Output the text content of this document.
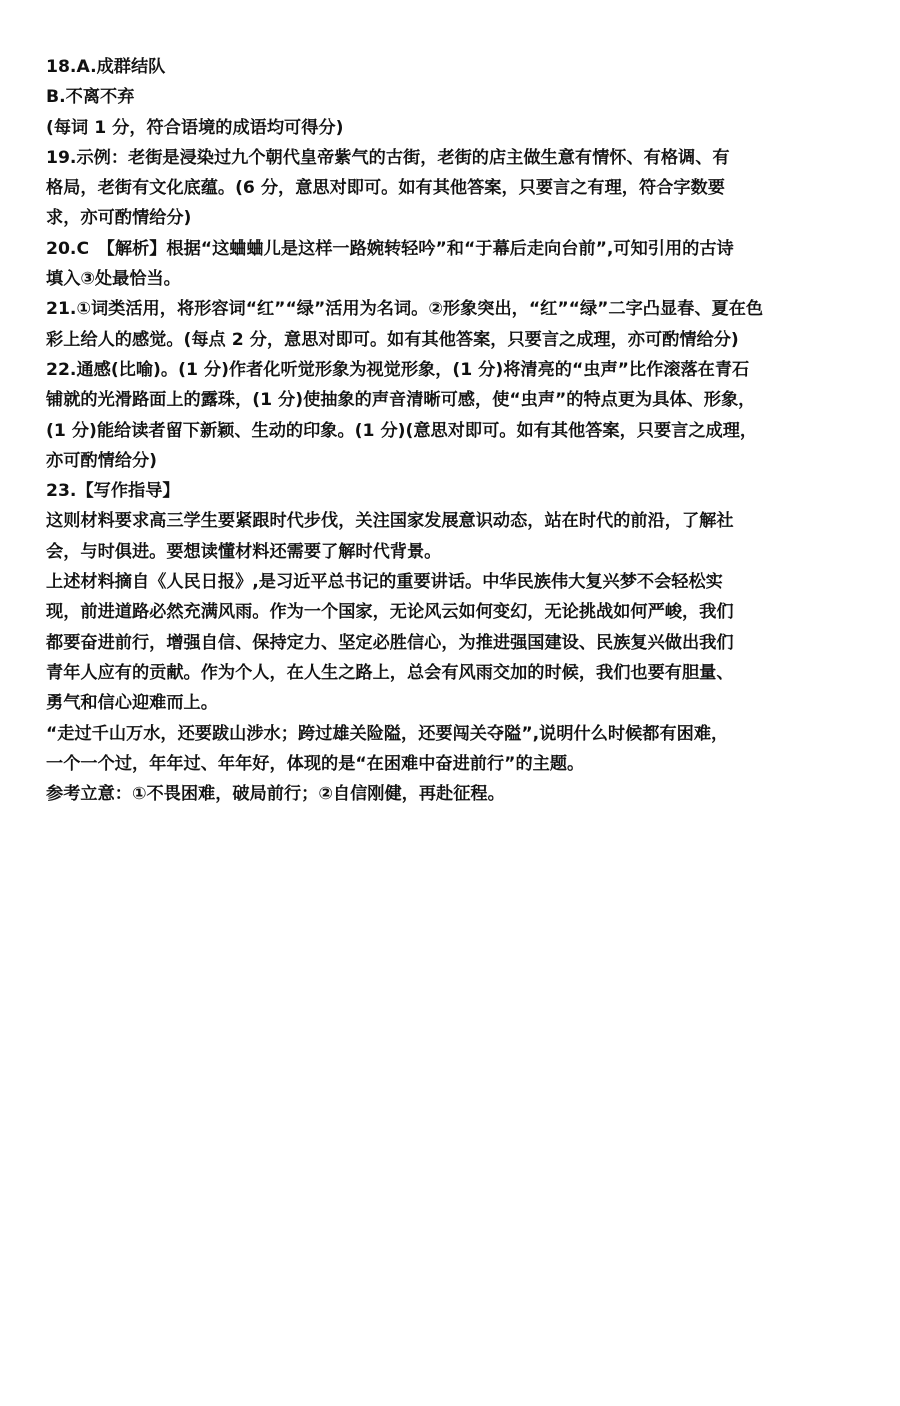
18.A.成群结队
B.不离不弃
(每词 1 分，符合语境的成语均可得分)
19.示例：老街是浸染过九个朝代皇帝紫气的古街，老街的店主做生意有情怀、有格调、有
格局，老街有文化底蕴。(6 分，意思对即可。如有其他答案，只要言之有理，符合字数要
求，亦可酌情给分)
20.C　【解析】根据“这蛐蛐儿是这样一路婉转轻吟”和“于幕后走向台前”,可知引用的古诗
填入③处最恰当。
21.①词类活用，将形容词“红”“绿”活用为名词。②形象突出，“红”“绿”二字凸显春、夏在色
彩上给人的感觉。(每点 2 分，意思对即可。如有其他答案，只要言之成理，亦可酌情给分)
22.通感(比喻)。(1 分)作者化听觉形象为视觉形象，(1 分)将清亮的“虫声”比作滚落在青石
铺就的光滑路面上的露珠，(1 分)使抽象的声音清晰可感，使“虫声”的特点更为具体、形象，
(1 分)能给读者留下新颖、生动的印象。(1 分)(意思对即可。如有其他答案，只要言之成理，
亦可酌情给分)
23.【写作指导】
这则材料要求高三学生要紧跟时代步伐，关注国家发展意识动态，站在时代的前沿，了解社
会，与时俱进。要想读懂材料还需要了解时代背景。
上述材料摘自《人民日报》,是习近平总书记的重要讲话。中华民族伟大复兴梦不会轻松实
现，前进道路必然充满风雨。作为一个国家，无论风云如何变幻，无论挑战如何严峻，我们
都要奋进前行，增强自信、保持定力、坚定必胜信心，为推进强国建设、民族复兴做出我们
青年人应有的贡献。作为个人，在人生之路上，总会有风雨交加的时候，我们也要有胆量、
勇气和信心迎难而上。
“走过千山万水，还要跋山涉水；跨过雄关险隘，还要闯关夺隘”,说明什么时候都有困难，
一个一个过，年年过、年年好，体现的是“在困难中奋进前行”的主题。
参考立意：①不畏困难，破局前行；②自信刚健，再赴征程。
